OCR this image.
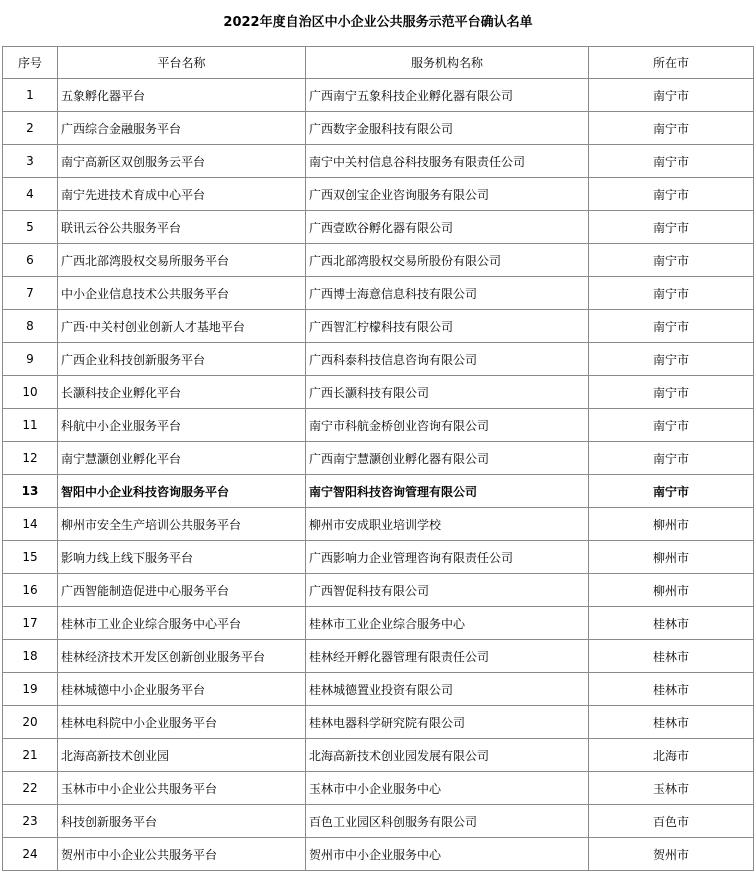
2022年度自治区中小企业公共服务示范平台确认名单
序号	平台名称	服务机构名称	所在市
1	五象孵化器平台	广西南宁五象科技企业孵化器有限公司	南宁市
2	广西综合金融服务平台	广西数字金服科技有限公司	南宁市
3	南宁高新区双创服务云平台	南宁中关村信息谷科技服务有限责任公司	南宁市
4	南宁先进技术育成中心平台	广西双创宝企业咨询服务有限公司	南宁市
5	联讯云谷公共服务平台	广西壹欧谷孵化器有限公司	南宁市
6	广西北部湾股权交易所服务平台	广西北部湾股权交易所股份有限公司	南宁市
7	中小企业信息技术公共服务平台	广西博士海意信息科技有限公司	南宁市
8	广西·中关村创业创新人才基地平台	广西智汇柠檬科技有限公司	南宁市
9	广西企业科技创新服务平台	广西科泰科技信息咨询有限公司	南宁市
10	长灏科技企业孵化平台	广西长灏科技有限公司	南宁市
11	科航中小企业服务平台	南宁市科航金桥创业咨询有限公司	南宁市
12	南宁慧灏创业孵化平台	广西南宁慧灏创业孵化器有限公司	南宁市
13	智阳中小企业科技咨询服务平台	南宁智阳科技咨询管理有限公司	南宁市
14	柳州市安全生产培训公共服务平台	柳州市安成职业培训学校	柳州市
15	影响力线上线下服务平台	广西影响力企业管理咨询有限责任公司	柳州市
16	广西智能制造促进中心服务平台	广西智促科技有限公司	柳州市
17	桂林市工业企业综合服务中心平台	桂林市工业企业综合服务中心	桂林市
18	桂林经济技术开发区创新创业服务平台	桂林经开孵化器管理有限责任公司	桂林市
19	桂林城德中小企业服务平台	桂林城德置业投资有限公司	桂林市
20	桂林电科院中小企业服务平台	桂林电器科学研究院有限公司	桂林市
21	北海高新技术创业园	北海高新技术创业园发展有限公司	北海市
22	玉林市中小企业公共服务平台	玉林市中小企业服务中心	玉林市
23	科技创新服务平台	百色工业园区科创服务有限公司	百色市
24	贺州市中小企业公共服务平台	贺州市中小企业服务中心	贺州市
